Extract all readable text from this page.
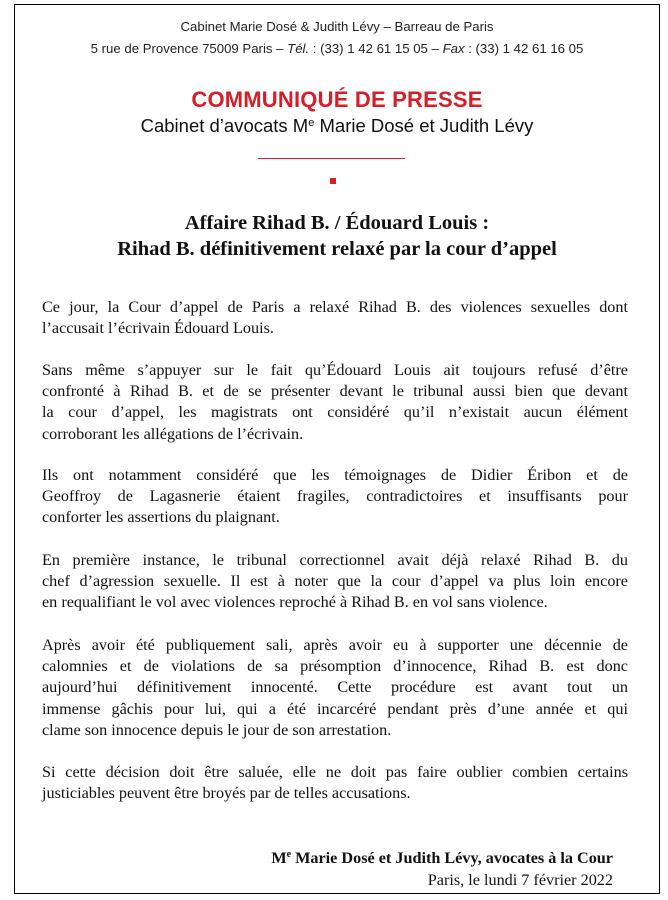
Cabinet Marie Dosé & Judith Lévy – Barreau de Paris
5 rue de Provence 75009 Paris – Tél. : (33) 1 42 61 15 05 – Fax : (33) 1 42 61 16 05
COMMUNIQUÉ DE PRESSE
Cabinet d’avocats Me Marie Dosé et Judith Lévy
Affaire Rihad B. / Édouard Louis :
Rihad B. définitivement relaxé par la cour d’appel
Ce jour, la Cour d’appel de Paris a relaxé Rihad B. des violences sexuelles dont
l’accusait l’écrivain Édouard Louis.
Sans même s’appuyer sur le fait qu’Édouard Louis ait toujours refusé d’être
confronté à Rihad B. et de se présenter devant le tribunal aussi bien que devant
la cour d’appel, les magistrats ont considéré qu’il n’existait aucun élément
corroborant les allégations de l’écrivain.
Ils ont notamment considéré que les témoignages de Didier Éribon et de
Geoffroy de Lagasnerie étaient fragiles, contradictoires et insuffisants pour
conforter les assertions du plaignant.
En première instance, le tribunal correctionnel avait déjà relaxé Rihad B. du
chef d’agression sexuelle. Il est à noter que la cour d’appel va plus loin encore
en requalifiant le vol avec violences reproché à Rihad B. en vol sans violence.
Après avoir été publiquement sali, après avoir eu à supporter une décennie de
calomnies et de violations de sa présomption d’innocence, Rihad B. est donc
aujourd’hui définitivement innocenté. Cette procédure est avant tout un
immense gâchis pour lui, qui a été incarcéré pendant près d’une année et qui
clame son innocence depuis le jour de son arrestation.
Si cette décision doit être saluée, elle ne doit pas faire oublier combien certains
justiciables peuvent être broyés par de telles accusations.
Me Marie Dosé et Judith Lévy, avocates à la Cour
Paris, le lundi 7 février 2022
